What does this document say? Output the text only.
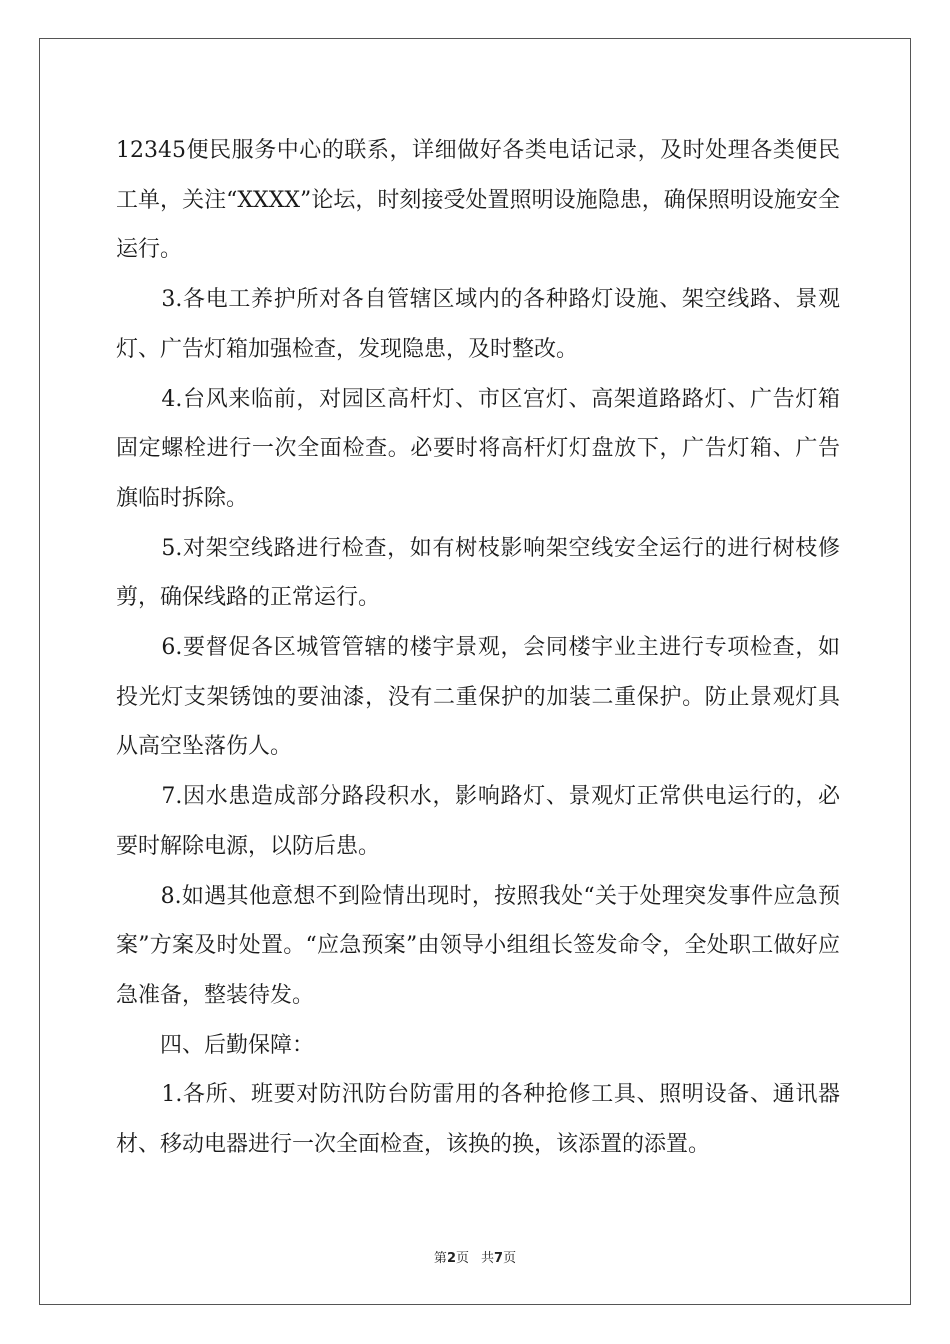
12345便民服务中心的联系，详细做好各类电话记录，及时处理各类便民工单，关注“XXXX”论坛，时刻接受处置照明设施隐患，确保照明设施安全运行。

　　3.各电工养护所对各自管辖区域内的各种路灯设施、架空线路、景观灯、广告灯箱加强检查，发现隐患，及时整改。

　　4.台风来临前，对园区高杆灯、市区宫灯、高架道路路灯、广告灯箱固定螺栓进行一次全面检查。必要时将高杆灯灯盘放下，广告灯箱、广告旗临时拆除。

　　5.对架空线路进行检查，如有树枝影响架空线安全运行的进行树枝修剪，确保线路的正常运行。

　　6.要督促各区城管管辖的楼宇景观，会同楼宇业主进行专项检查，如投光灯支架锈蚀的要油漆，没有二重保护的加装二重保护。防止景观灯具从高空坠落伤人。

　　7.因水患造成部分路段积水，影响路灯、景观灯正常供电运行的，必要时解除电源，以防后患。

　　8.如遇其他意想不到险情出现时，按照我处“关于处理突发事件应急预案”方案及时处置。“应急预案”由领导小组组长签发命令，全处职工做好应急准备，整装待发。

　　四、后勤保障：

　　1.各所、班要对防汛防台防雷用的各种抢修工具、照明设备、通讯器材、移动电器进行一次全面检查，该换的换，该添置的添置。

第2页 共7页
